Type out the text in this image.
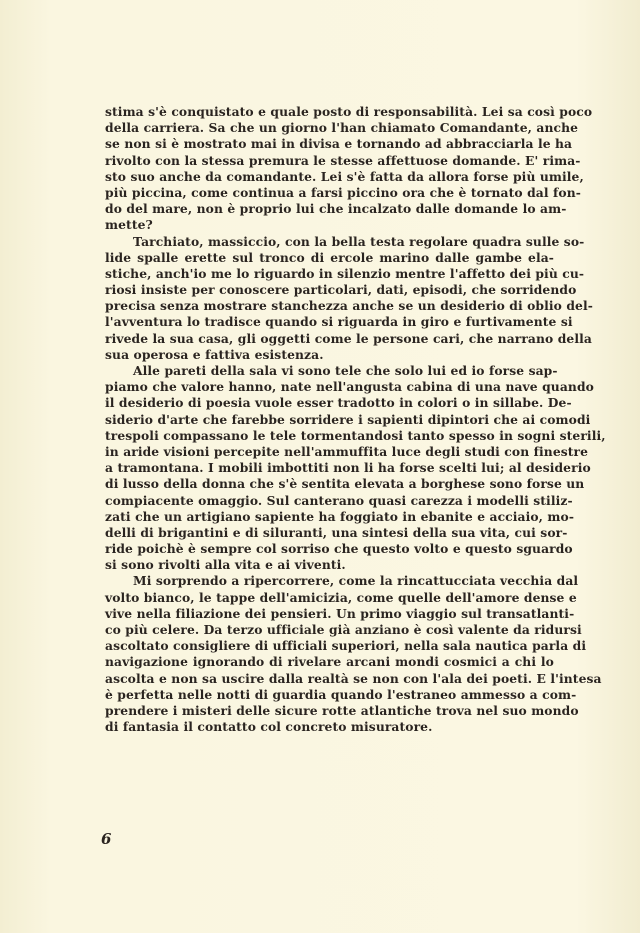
stima s'è conquistato e quale posto di responsabilità. Lei sa così poco
della carriera. Sa che un giorno l'han chiamato Comandante, anche
se non si è mostrato mai in divisa e tornando ad abbracciarla le ha
rivolto con la stessa premura le stesse affettuose domande. E' rima-
sto suo anche da comandante. Lei s'è fatta da allora forse più umile,
più piccina, come continua a farsi piccino ora che è tornato dal fon-
do del mare, non è proprio lui che incalzato dalle domande lo am-
mette?
Tarchiato, massiccio, con la bella testa regolare quadra sulle so-
lide spalle erette sul tronco di ercole marino dalle gambe ela-
stiche, anch'io me lo riguardo in silenzio mentre l'affetto dei più cu-
riosi insiste per conoscere particolari, dati, episodi, che sorridendo
precisa senza mostrare stanchezza anche se un desiderio di oblio del-
l'avventura lo tradisce quando si riguarda in giro e furtivamente si
rivede la sua casa, gli oggetti come le persone cari, che narrano della
sua operosa e fattiva esistenza.
Alle pareti della sala vi sono tele che solo lui ed io forse sap-
piamo che valore hanno, nate nell'angusta cabina di una nave quando
il desiderio di poesia vuole esser tradotto in colori o in sillabe. De-
siderio d'arte che farebbe sorridere i sapienti dipintori che ai comodi
trespoli compassano le tele tormentandosi tanto spesso in sogni sterili,
in aride visioni percepite nell'ammuffita luce degli studi con finestre
a tramontana. I mobili imbottiti non li ha forse scelti lui; al desiderio
di lusso della donna che s'è sentita elevata a borghese sono forse un
compiacente omaggio. Sul canterano quasi carezza i modelli stiliz-
zati che un artigiano sapiente ha foggiato in ebanite e acciaio, mo-
delli di brigantini e di siluranti, una sintesi della sua vita, cui sor-
ride poichè è sempre col sorriso che questo volto e questo sguardo
si sono rivolti alla vita e ai viventi.
Mi sorprendo a ripercorrere, come la rincattucciata vecchia dal
volto bianco, le tappe dell'amicizia, come quelle dell'amore dense e
vive nella filiazione dei pensieri. Un primo viaggio sul transatlanti-
co più celere. Da terzo ufficiale già anziano è così valente da ridursi
ascoltato consigliere di ufficiali superiori, nella sala nautica parla di
navigazione ignorando di rivelare arcani mondi cosmici a chi lo
ascolta e non sa uscire dalla realtà se non con l'ala dei poeti. E l'intesa
è perfetta nelle notti di guardia quando l'estraneo ammesso a com-
prendere i misteri delle sicure rotte atlantiche trova nel suo mondo
di fantasia il contatto col concreto misuratore.
6
